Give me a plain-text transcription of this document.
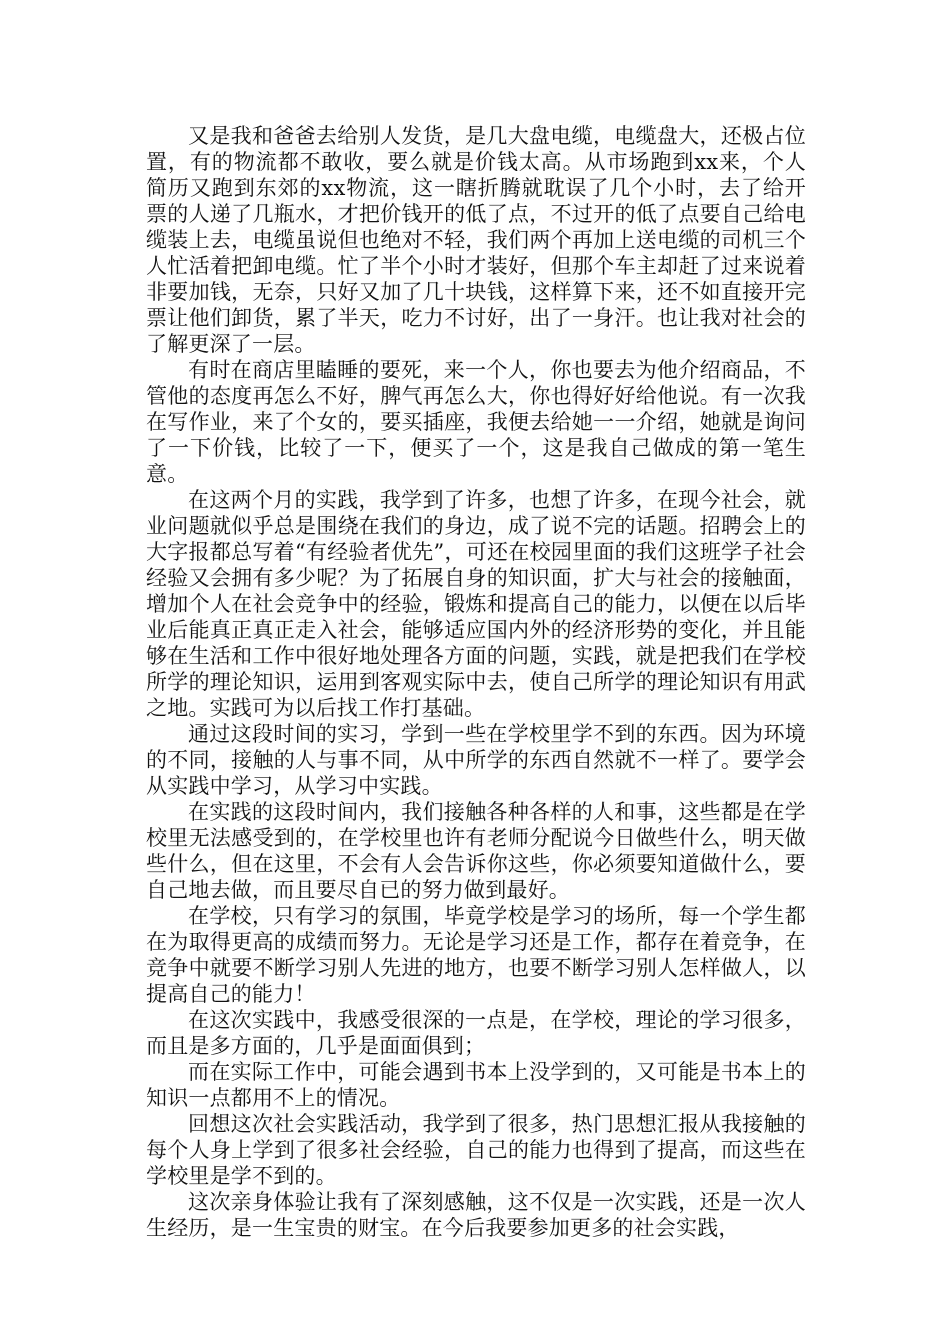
又是我和爸爸去给别人发货，是几大盘电缆，电缆盘大，还极占位置，有的物流都不敢收，要么就是价钱太高。从市场跑到xx来，个人简历又跑到东郊的xx物流，这一瞎折腾就耽误了几个小时，去了给开票的人递了几瓶水，才把价钱开的低了点，不过开的低了点要自己给电缆装上去，电缆虽说但也绝对不轻，我们两个再加上送电缆的司机三个人忙活着把卸电缆。忙了半个小时才装好，但那个车主却赶了过来说着非要加钱，无奈，只好又加了几十块钱，这样算下来，还不如直接开完票让他们卸货，累了半天，吃力不讨好，出了一身汗。也让我对社会的了解更深了一层。

有时在商店里瞌睡的要死，来一个人，你也要去为他介绍商品，不管他的态度再怎么不好，脾气再怎么大，你也得好好给他说。有一次我在写作业，来了个女的，要买插座，我便去给她一一介绍，她就是询问了一下价钱，比较了一下，便买了一个，这是我自己做成的第一笔生意。

在这两个月的实践，我学到了许多，也想了许多，在现今社会，就业问题就似乎总是围绕在我们的身边，成了说不完的话题。招聘会上的大字报都总写着“有经验者优先”，可还在校园里面的我们这班学子社会经验又会拥有多少呢？为了拓展自身的知识面，扩大与社会的接触面，增加个人在社会竞争中的经验，锻炼和提高自己的能力，以便在以后毕业后能真正真正走入社会，能够适应国内外的经济形势的变化，并且能够在生活和工作中很好地处理各方面的问题，实践，就是把我们在学校所学的理论知识，运用到客观实际中去，使自己所学的理论知识有用武之地。实践可为以后找工作打基础。

通过这段时间的实习，学到一些在学校里学不到的东西。因为环境的不同，接触的人与事不同，从中所学的东西自然就不一样了。要学会从实践中学习，从学习中实践。

在实践的这段时间内，我们接触各种各样的人和事，这些都是在学校里无法感受到的，在学校里也许有老师分配说今日做些什么，明天做些什么，但在这里，不会有人会告诉你这些，你必须要知道做什么，要自己地去做，而且要尽自已的努力做到最好。

在学校，只有学习的氛围，毕竟学校是学习的场所，每一个学生都在为取得更高的成绩而努力。无论是学习还是工作，都存在着竞争，在竞争中就要不断学习别人先进的地方，也要不断学习别人怎样做人，以提高自己的能力！

在这次实践中，我感受很深的一点是，在学校，理论的学习很多，而且是多方面的，几乎是面面俱到；

而在实际工作中，可能会遇到书本上没学到的，又可能是书本上的知识一点都用不上的情况。

回想这次社会实践活动，我学到了很多，热门思想汇报从我接触的每个人身上学到了很多社会经验，自己的能力也得到了提高，而这些在学校里是学不到的。

这次亲身体验让我有了深刻感触，这不仅是一次实践，还是一次人生经历，是一生宝贵的财宝。在今后我要参加更多的社会实践，
